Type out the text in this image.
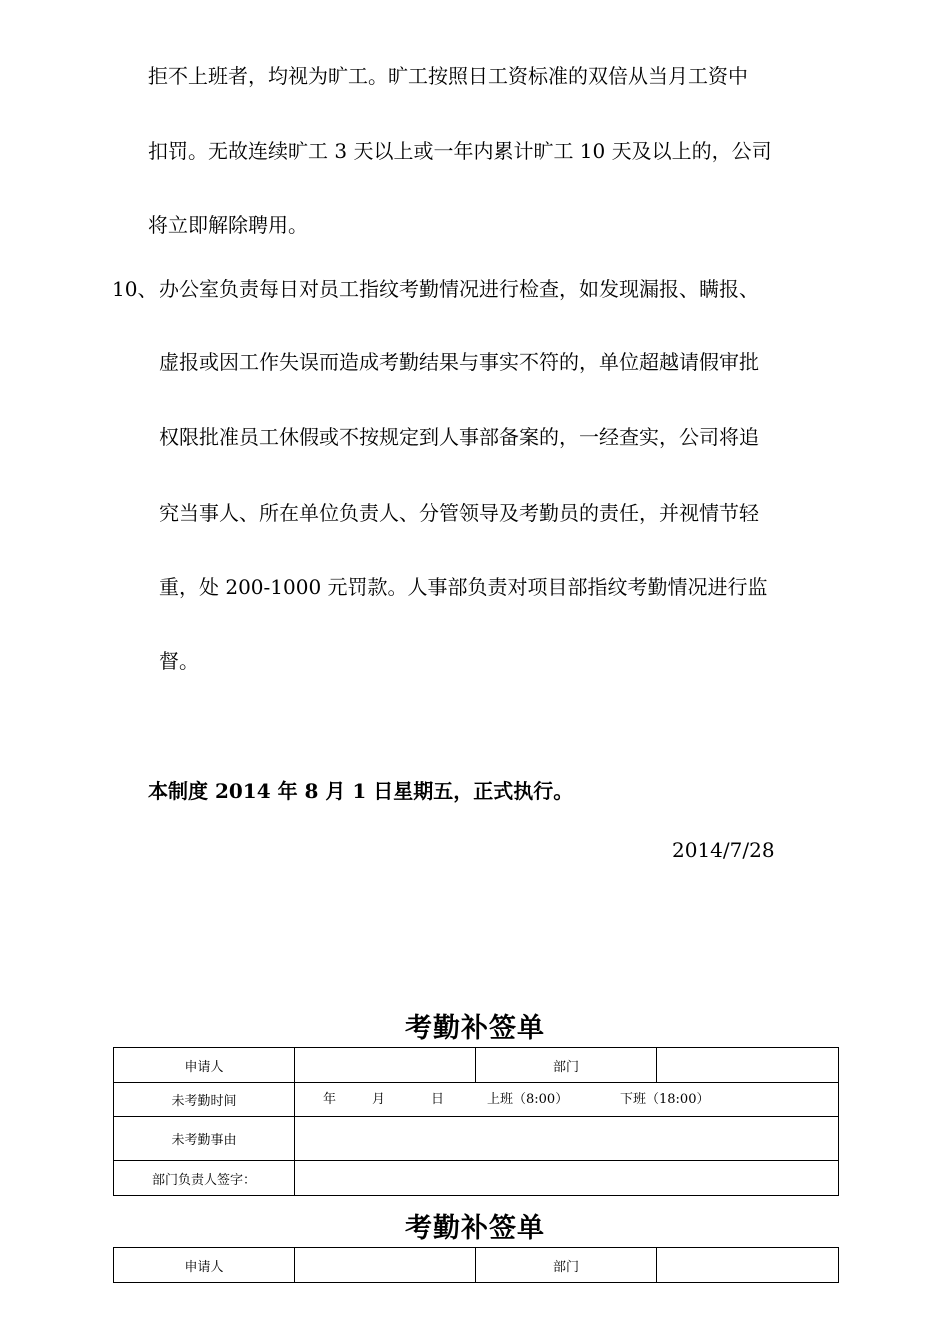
拒不上班者，均视为旷工。旷工按照日工资标准的双倍从当月工资中
扣罚。无故连续旷工 3 天以上或一年内累计旷工 10 天及以上的，公司
将立即解除聘用。
10、 办公室负责每日对员工指纹考勤情况进行检查，如发现漏报、瞒报、
虚报或因工作失误而造成考勤结果与事实不符的，单位超越请假审批
权限批准员工休假或不按规定到人事部备案的，一经查实，公司将追
究当事人、所在单位负责人、分管领导及考勤员的责任，并视情节轻
重，处 200-1000 元罚款。人事部负责对项目部指纹考勤情况进行监
督。
本制度 2014 年 8 月 1 日星期五，正式执行。
2014/7/28
考勤补签单
申请人		部门	
未考勤时间	年 月 日 上班（8:00） 下班（18:00）		

未考勤事由			
部门负责人签字：			
考勤补签单
申请人		部门	
